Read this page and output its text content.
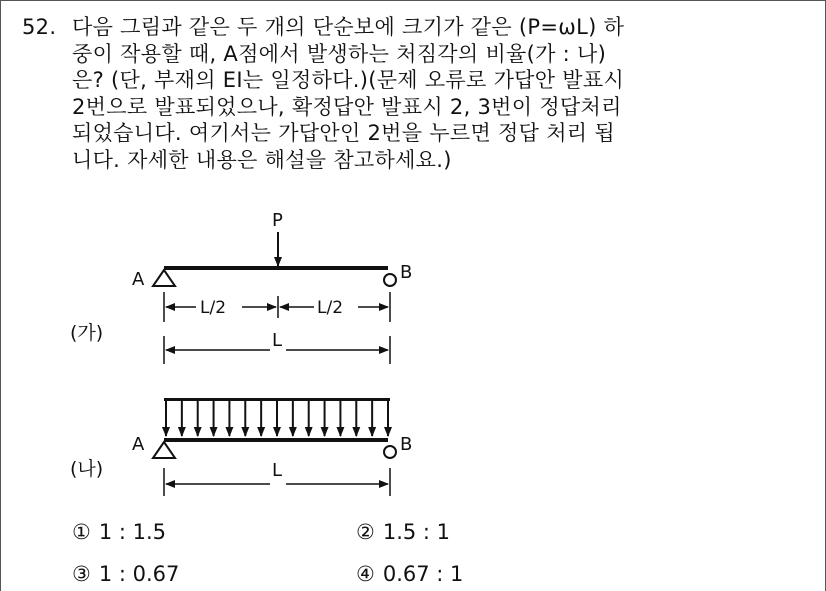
52. 다음 그림과 같은 두 개의 단순보에 크기가 같은 (P=ωL) 하
중이 작용할 때, A점에서 발생하는 처짐각의 비율(가 : 나)
은? (단, 부재의 EI는 일정하다.)(문제 오류로 가답안 발표시
2번으로 발표되었으나, 확정답안 발표시 2, 3번이 정답처리
되었습니다. 여기서는 가답안인 2번을 누르면 정답 처리 됩
니다. 자세한 내용은 해설을 참고하세요.)
(가)
P
A	B
L/2	L/2
L
A	B
L
(나)
① 1 : 1.5	② 1.5 : 1
③ 1 : 0.67	④ 0.67 : 1
